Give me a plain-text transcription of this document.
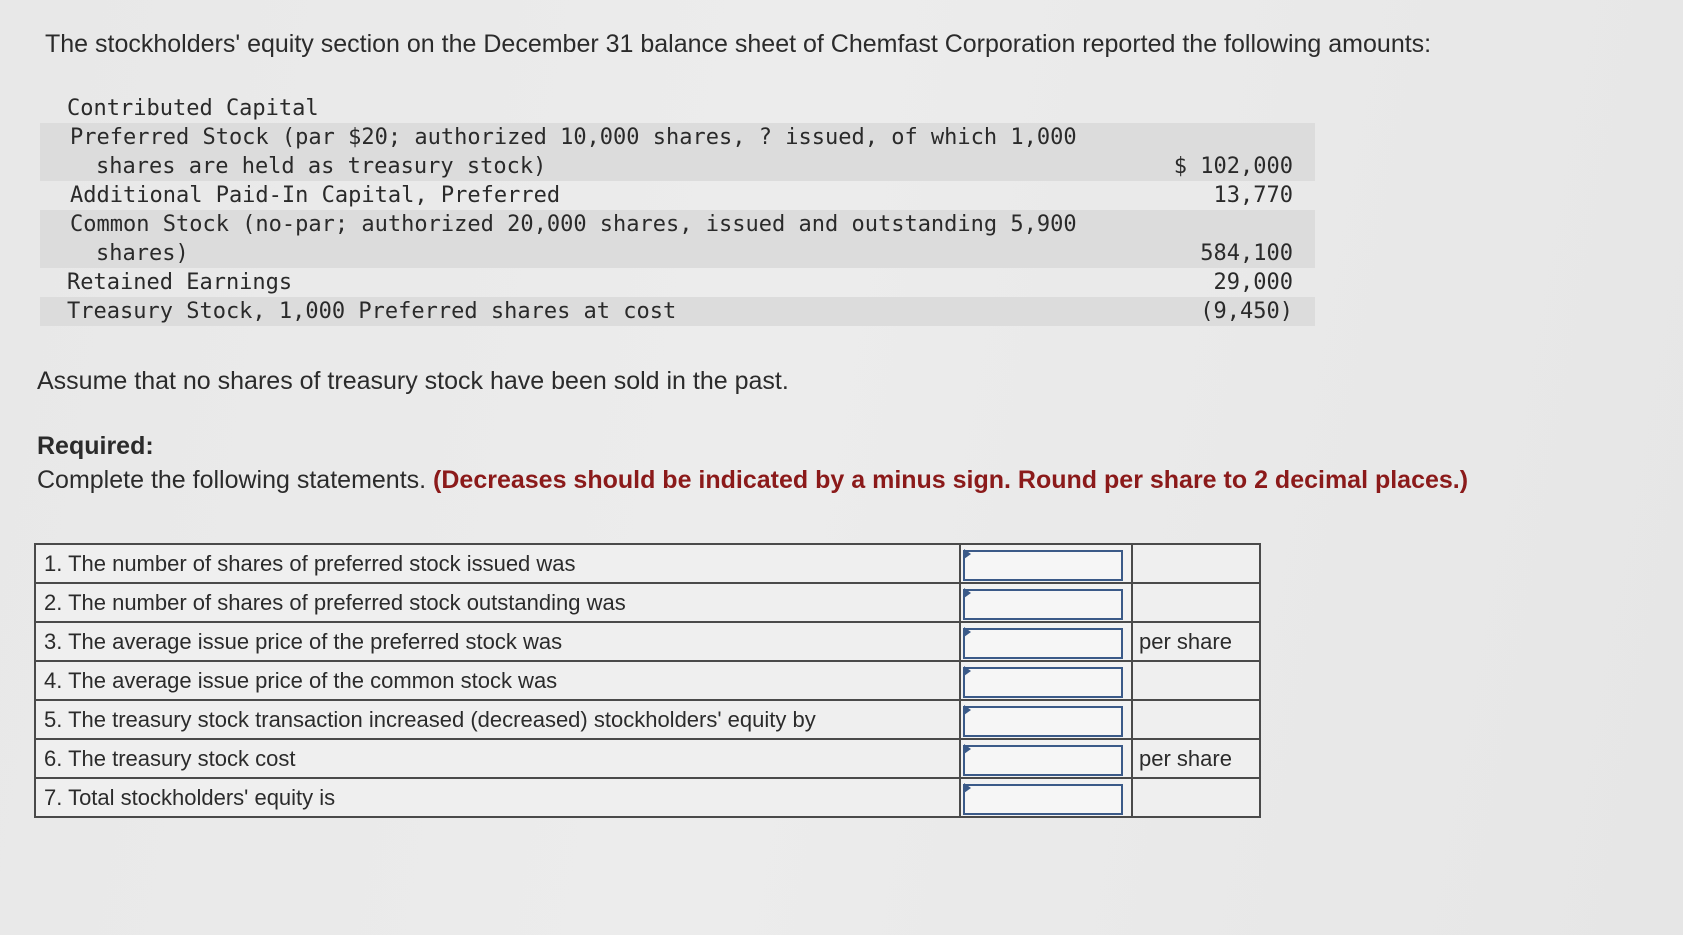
The stockholders' equity section on the December 31 balance sheet of Chemfast Corporation reported the following amounts:
Contributed Capital
Preferred Stock (par $20; authorized 10,000 shares, ? issued, of which 1,000
shares are held as treasury stock)	$ 102,000
Additional Paid-In Capital, Preferred	13,770
Common Stock (no-par; authorized 20,000 shares, issued and outstanding 5,900
shares)	584,100
Retained Earnings	29,000
Treasury Stock, 1,000 Preferred shares at cost	(9,450)
Assume that no shares of treasury stock have been sold in the past.
Required:
Complete the following statements. (Decreases should be indicated by a minus sign. Round per share to 2 decimal places.)
1. The number of shares of preferred stock issued was	

2. The number of shares of preferred stock outstanding was	

3. The average issue price of the preferred stock was		per share
4. The average issue price of the common stock was	

5. The treasury stock transaction increased (decreased) stockholders' equity by	

6. The treasury stock cost		per share
7. Total stockholders' equity is	
